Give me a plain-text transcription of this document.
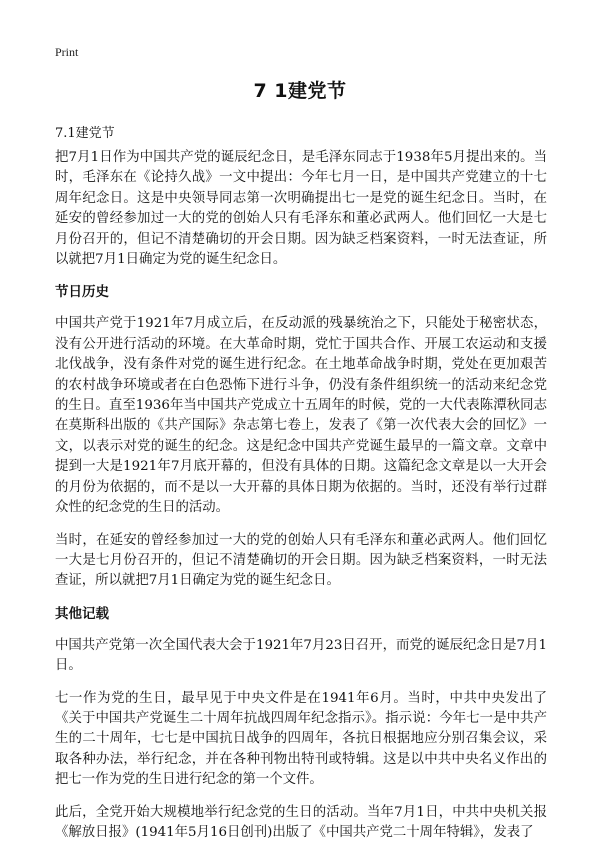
Print
7 1建党节
7.1建党节

把7月1日作为中国共产党的诞辰纪念日，是毛泽东同志于1938年5月提出来的。当时，毛泽东在《论持久战》一文中提出：今年七月一日，是中国共产党建立的十七周年纪念日。这是中央领导同志第一次明确提出七一是党的诞生纪念日。当时，在延安的曾经参加过一大的党的创始人只有毛泽东和董必武两人。他们回忆一大是七月份召开的，但记不清楚确切的开会日期。因为缺乏档案资料，一时无法查证，所以就把7月1日确定为党的诞生纪念日。

节日历史

中国共产党于1921年7月成立后，在反动派的残暴统治之下，只能处于秘密状态，没有公开进行活动的环境。在大革命时期，党忙于国共合作、开展工农运动和支援北伐战争，没有条件对党的诞生进行纪念。在土地革命战争时期，党处在更加艰苦的农村战争环境或者在白色恐怖下进行斗争，仍没有条件组织统一的活动来纪念党的生日。直至1936年当中国共产党成立十五周年的时候，党的一大代表陈潭秋同志在莫斯科出版的《共产国际》杂志第七卷上，发表了《第一次代表大会的回忆》一文，以表示对党的诞生的纪念。这是纪念中国共产党诞生最早的一篇文章。文章中提到一大是1921年7月底开幕的，但没有具体的日期。这篇纪念文章是以一大开会的月份为依据的，而不是以一大开幕的具体日期为依据的。当时，还没有举行过群众性的纪念党的生日的活动。

当时，在延安的曾经参加过一大的党的创始人只有毛泽东和董必武两人。他们回忆一大是七月份召开的，但记不清楚确切的开会日期。因为缺乏档案资料，一时无法查证，所以就把7月1日确定为党的诞生纪念日。

其他记载

中国共产党第一次全国代表大会于1921年7月23日召开，而党的诞辰纪念日是7月1日。

七一作为党的生日，最早见于中央文件是在1941年6月。当时，中共中央发出了《关于中国共产党诞生二十周年抗战四周年纪念指示》。指示说：今年七一是中共产生的二十周年，七七是中国抗日战争的四周年，各抗日根据地应分别召集会议，采取各种办法，举行纪念，并在各种刊物出特刊或特辑。这是以中共中央名义作出的把七一作为党的生日进行纪念的第一个文件。

此后，全党开始大规模地举行纪念党的生日的活动。当年7月1日，中共中央机关报《解放日报》(1941年5月16日创刊)出版了《中国共产党二十周年特辑》，发表了
